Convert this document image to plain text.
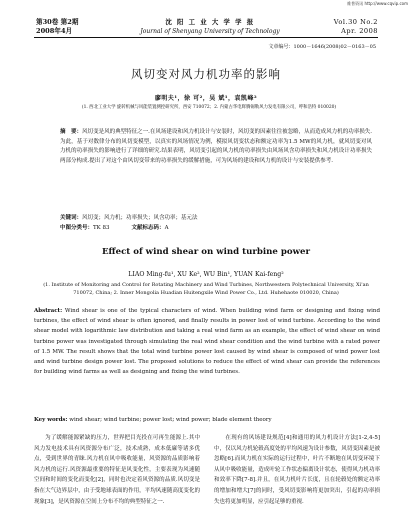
维普资讯 http://www.cqvip.com
第30卷 第2期
2008年4月
沈 阳 工 业 大 学 学 报
Journal of Shenyang University of Technology
Vol.30 No.2
Apr. 2008
文章编号：1000－1646(2008)02－0163－05
风切变对风力机功率的影响
廖明夫¹，徐 可²，吴 斌¹，袁凯峰²
(1. 西北工业大学 旋转机械与风能装置测控研究所，西安 710072；2. 内蒙古华电辉腾锡勒风力发电有限公司，呼和浩特 010020)
摘　要：风切变是风的典型特征之一.在风场建设和风力机设计与安装时，风切变的因素往往被忽略，从而造成风力机的功率损失.为此，基于对数律分布的风切变模型，以真实的风场情况为例，模拟风切变状态和额定功率为1.5 MW的风力机，就风切变对风力机的功率损失的影响进行了详细的研究.结果表明，风切变引起的风力机的功率损失由风场风含功率损失和风力机设计功率损失两部分构成.提出了对这个由风切变带来的功率损失的缓解措施，可为风场的建设和风力机的设计与安装提供参考.
关键词：风切变；风力机；功率损失；风含功率；基元法
中图分类号：TK 83	文献标志码：A
Effect of wind shear on wind turbine power
LIAO Ming-fu¹, XU Ke², WU Bin¹, YUAN Kai-feng²
(1. Institute of Monitoring and Control for Rotating Machinery and Wind Turbines, Northwestern Polytechnical University, Xi'an 710072, China; 2. Inner Mongolia Huadian Huitengxile Wind Power Co., Ltd. Huhehaote 010020, China)
Abstract: Wind shear is one of the typical characters of wind. When building wind farm or designing and fixing wind turbines, the effect of wind shear is often ignored, and finally results in power lost of wind turbine. According to the wind shear model with logarithmic law distribution and taking a real wind farm as an example, the effect of wind shear on wind turbine power was investigated through simulating the real wind shear condition and the wind turbine with a rated power of 1.5 MW. The result shows that the total wind turbine power lost caused by wind shear is composed of wind power lost and wind turbine design power lost. The proposed solutions to reduce the effect of wind shear can provide the references for building wind farms as well as designing and fixing the wind turbines.
Key words: wind shear; wind turbine; power lost; wind power; blade element theory
为了缓解能源紧缺的压力，世界把目光投在可再生能源上.其中风力发电技术具有风资源分布广泛，技术成熟，成本低廉等诸多优点，受到世界的青睐.风力机在风中吸收能量，风资源的品质影响着风力机的运行.风资源最重要的特征是风变化性，主要表现为风速随空间和时间的变化而变化[2]，同时也决定着风资源的品质.风切变是指在大气边界层中，由于受地球表面的作用，平均风速随高度变化的现象[3]，是风资源在空间上分布不均的典型特征之一.
在现有的风场建设规范[4]和通用的风力机设计方法[1-2,4-5]中，仅以风力机轮毂高度处的平均风速为设计参数，风切变因素是被忽略[6].而风力机在实际的运行过程中，叶片不断地在风切变环境下从风中吸收能量，造成叶轮工作状态偏离设计状态，使得风力机功率和效率下降[7-8].并且，在风力机叶片长度，且在轮毂处的额定功率的增加和增大[7]的同时，受风切变影响将更加突出，引起的功率损失也将更加明显，应引起足够的重视.
